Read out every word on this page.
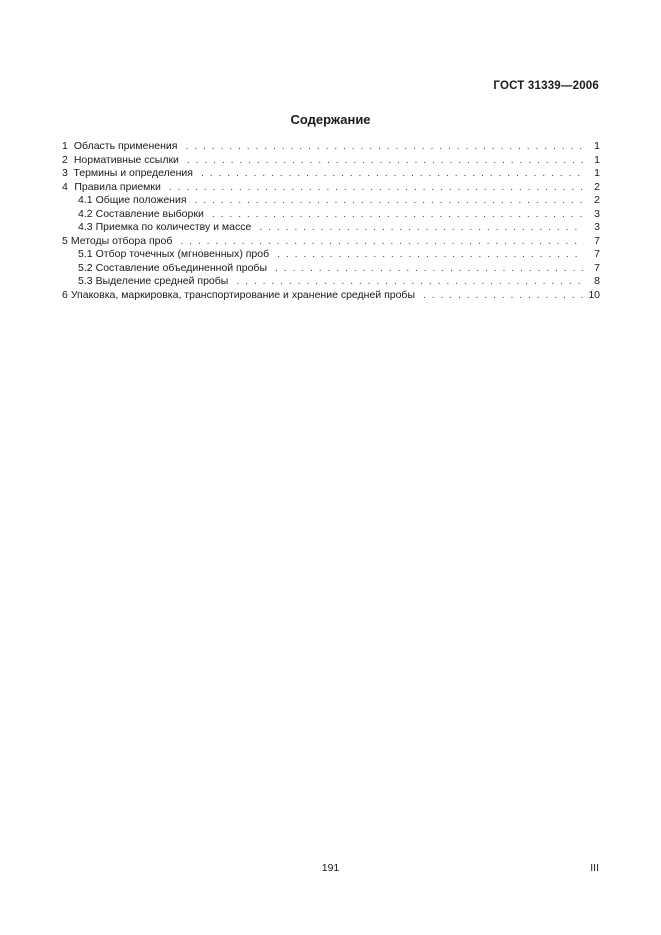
ГОСТ 31339—2006
Содержание
1 Область применения . .	1
2 Нормативные ссылки . .	1
3 Термины и определения . .	1
4 Правила приемки . .	2
4.1 Общие положения . .	2
4.2 Составление выборки . .	3
4.3 Приемка по количеству и массе . .	3
5 Методы отбора проб . .	7
5.1 Отбор точечных (мгновенных) проб . .	7
5.2 Составление объединенной пробы . .	7
5.3 Выделение средней пробы . .	8
6 Упаковка, маркировка, транспортирование и хранение средней пробы . .	10
191	III
